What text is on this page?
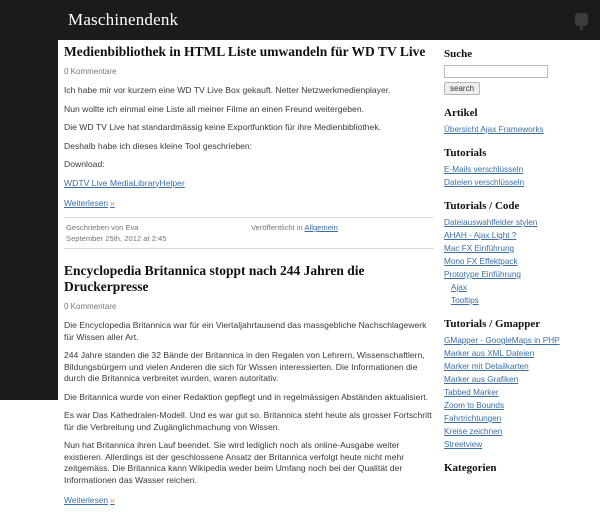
Maschinendenk
Medienbibliothek in HTML Liste umwandeln für WD TV Live
0 Kommentare

Ich habe mir vor kurzem eine WD TV Live Box gekauft. Netter Netzwerkmedienplayer.

Nun wollte ich einmal eine Liste all meiner Filme an einen Freund weitergeben.

Die WD TV Live hat standardmässig keine Exportfunktion für ihre Medienbibliothek.

Deshalb habe ich dieses kleine Tool geschrieben:

Download:

WDTV Live MediaLibraryHelper

Weiterlesen »
Geschrieben von Eva
September 25th, 2012 at 2:45
Veröffentlicht in Allgemein
Encyclopedia Britannica stoppt nach 244 Jahren die Druckerpresse
0 Kommentare

Die Encyclopedia Britannica war für ein Viertaljahrtausend das massgebliche Nachschlagewerk für Wissen aller Art.

244 Jahre standen die 32 Bände der Britannica in den Regalen von Lehrern, Wissenschaftlern, Bildungsbürgern und vielen Anderen die sich für Wissen interessierten. Die Informationen die durch die Britannica verbreitet wurden, waren autoritativ.

Die Britannica wurde von einer Redaktion gepflegt und in regelmässigen Abständen aktualisiert.

Es war Das Kathedralen-Modell. Und es war gut so. Britannica steht heute als grosser Fortschritt für die Verbreitung und Zugänglichmachung von Wissen.

Nun hat Britannica ihren Lauf beendet. Sie wird lediglich noch als online-Ausgabe weiter existieren. Allerdings ist der geschlossene Ansatz der Britannica verfolgt heute nicht mehr zeitgemäss. Die Britannica kann Wikipedia weder beim Umfang noch bei der Qualität der Informationen das Wasser reichen.

Weiterlesen »
Suche
search
Artikel
Übersicht Ajax Frameworks
Tutorials
E-Mails verschlüsseln
Dateien verschlüsseln
Tutorials / Code
Dateiauswahlfelder stylen
AHAH - Ajax Light ?
Mac FX Einführung
Mono FX Effektpack
Prototype Einführung
Ajax
Tooltips
Tutorials / Gmapper
GMapper - GoogleMaps in PHP
Marker aus XML Dateien
Marker mit Detailkarten
Marker aus Grafiken
Tabbed Marker
Zoom to Bounds
Fahrtrichtungen
Kreise zeichnen
Streetview
Kategorien
